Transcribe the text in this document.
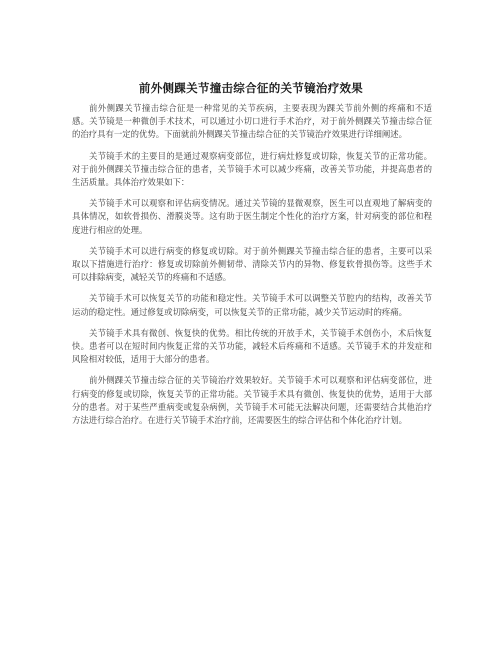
前外侧踝关节撞击综合征的关节镜治疗效果

前外侧踝关节撞击综合征是一种常见的关节疾病，主要表现为踝关节前外侧的疼痛和不适感。关节镜是一种微创手术技术，可以通过小切口进行手术治疗，对于前外侧踝关节撞击综合征的治疗具有一定的优势。下面就前外侧踝关节撞击综合征的关节镜治疗效果进行详细阐述。

关节镜手术的主要目的是通过观察病变部位，进行病灶修复或切除，恢复关节的正常功能。对于前外侧踝关节撞击综合征的患者，关节镜手术可以减少疼痛，改善关节功能，并提高患者的生活质量。具体治疗效果如下：

关节镜手术可以观察和评估病变情况。通过关节镜的显微观察，医生可以直观地了解病变的具体情况，如软骨损伤、滑膜炎等。这有助于医生制定个性化的治疗方案，针对病变的部位和程度进行相应的处理。

关节镜手术可以进行病变的修复或切除。对于前外侧踝关节撞击综合征的患者，主要可以采取以下措施进行治疗：修复或切除前外侧韧带、清除关节内的异物、修复软骨损伤等。这些手术可以排除病变，减轻关节的疼痛和不适感。

关节镜手术可以恢复关节的功能和稳定性。关节镜手术可以调整关节腔内的结构，改善关节运动的稳定性。通过修复或切除病变，可以恢复关节的正常功能，减少关节运动时的疼痛。

关节镜手术具有微创、恢复快的优势。相比传统的开放手术，关节镜手术创伤小，术后恢复快。患者可以在短时间内恢复正常的关节功能，减轻术后疼痛和不适感。关节镜手术的并发症和风险相对较低，适用于大部分的患者。

前外侧踝关节撞击综合征的关节镜治疗效果较好。关节镜手术可以观察和评估病变部位，进行病变的修复或切除，恢复关节的正常功能。关节镜手术具有微创、恢复快的优势，适用于大部分的患者。对于某些严重病变或复杂病例，关节镜手术可能无法解决问题，还需要结合其他治疗方法进行综合治疗。在进行关节镜手术治疗前，还需要医生的综合评估和个体化治疗计划。
